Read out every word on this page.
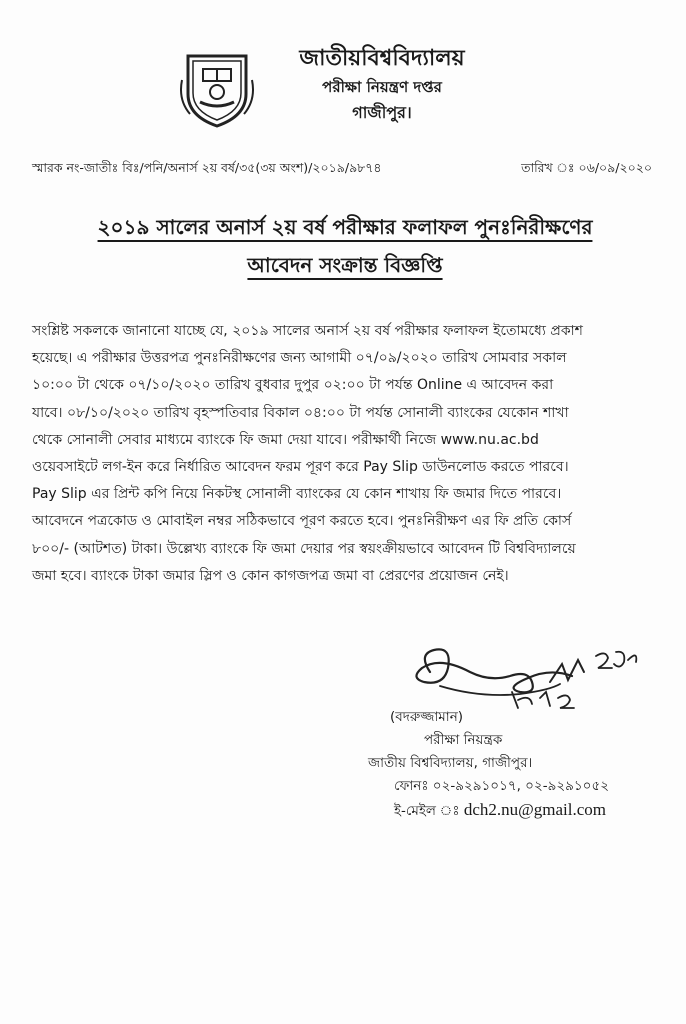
জাতীয়বিশ্ববিদ্যালয়
পরীক্ষা নিয়ন্ত্রণ দপ্তর
গাজীপুর।
স্মারক নং-জাতীঃ বিঃ/পনি/অনার্স ২য় বর্ষ/৩৫(৩য় অংশ)/২০১৯/৯৮৭৪	তারিখ ঃ ০৬/০৯/২০২০
২০১৯ সালের অনার্স ২য় বর্ষ পরীক্ষার ফলাফল পুনঃনিরীক্ষণের
আবেদন সংক্রান্ত বিজ্ঞপ্তি
সংশ্লিষ্ট সকলকে জানানো যাচ্ছে যে, ২০১৯ সালের অনার্স ২য় বর্ষ পরীক্ষার ফলাফল ইতোমধ্যে প্রকাশ
হয়েছে। এ পরীক্ষার উত্তরপত্র পুনঃনিরীক্ষণের জন্য আগামী ০৭/০৯/২০২০ তারিখ সোমবার সকাল
১০:০০ টা থেকে ০৭/১০/২০২০ তারিখ বুধবার দুপুর ০২:০০ টা পর্যন্ত Online এ আবেদন করা
যাবে। ০৮/১০/২০২০ তারিখ বৃহস্পতিবার বিকাল ০৪:০০ টা পর্যন্ত সোনালী ব্যাংকের যেকোন শাখা
থেকে সোনালী সেবার মাধ্যমে ব্যাংকে ফি জমা দেয়া যাবে। পরীক্ষার্থী নিজে www.nu.ac.bd
ওয়েবসাইটে লগ-ইন করে নির্ধারিত আবেদন ফরম পূরণ করে Pay Slip ডাউনলোড করতে পারবে।
Pay Slip এর প্রিন্ট কপি নিয়ে নিকটস্থ সোনালী ব্যাংকের যে কোন শাখায় ফি জমার দিতে পারবে।
আবেদনে পত্রকোড ও মোবাইল নম্বর সঠিকভাবে পূরণ করতে হবে। পুনঃনিরীক্ষণ এর ফি প্রতি কোর্স
৮০০/- (আটশত) টাকা। উল্লেখ্য ব্যাংকে ফি জমা দেয়ার পর স্বয়ংক্রীয়ভাবে আবেদন টি বিশ্ববিদ্যালয়ে
জমা হবে। ব্যাংকে টাকা জমার স্লিপ ও কোন কাগজপত্র জমা বা প্রেরণের প্রয়োজন নেই।
(বদরুজ্জামান)
পরীক্ষা নিয়ন্ত্রক
জাতীয় বিশ্ববিদ্যালয়, গাজীপুর।
ফোনঃ ০২-৯২৯১০১৭, ০২-৯২৯১০৫২
ই-মেইল ঃ dch2.nu@gmail.com
